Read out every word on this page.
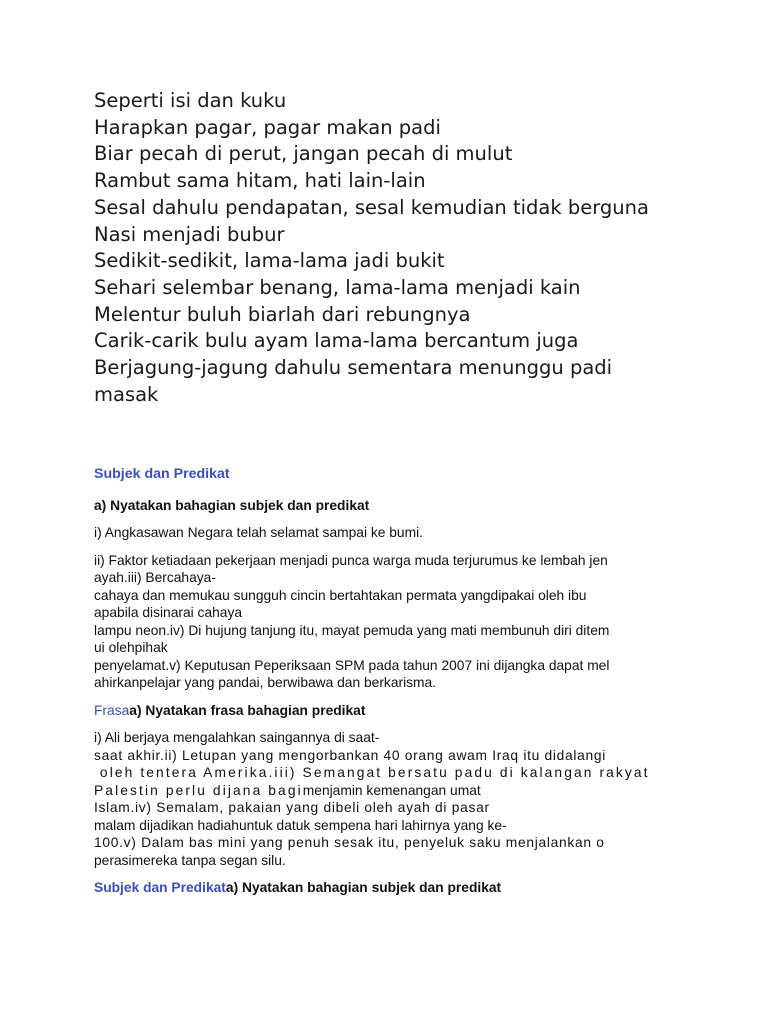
Seperti isi dan kuku
Harapkan pagar, pagar makan padi
Biar pecah di perut, jangan pecah di mulut
Rambut sama hitam, hati lain-lain
Sesal dahulu pendapatan, sesal kemudian tidak berguna
Nasi menjadi bubur
Sedikit-sedikit, lama-lama jadi bukit
Sehari selembar benang, lama-lama menjadi kain
Melentur buluh biarlah dari rebungnya
Carik-carik bulu ayam lama-lama bercantum juga
Berjagung-jagung dahulu sementara menunggu padi
masak
Subjek dan Predikat
a) Nyatakan bahagian subjek dan predikat
i) Angkasawan Negara telah selamat sampai ke bumi.
ii) Faktor ketiadaan pekerjaan menjadi punca warga muda terjurumus ke lembah jen
ayah.iii) Bercahaya-
cahaya dan memukau sungguh cincin bertahtakan permata yangdipakai oleh ibu
apabila disinarai cahaya
lampu neon.iv) Di hujung tanjung itu, mayat pemuda yang mati membunuh diri ditem
ui olehpihak
penyelamat.v) Keputusan Peperiksaan SPM pada tahun 2007 ini dijangka dapat mel
ahirkanpelajar yang pandai, berwibawa dan berkarisma.
Frasaa) Nyatakan frasa bahagian predikat
i) Ali berjaya mengalahkan saingannya di saat-
saat akhir.ii) Letupan yang mengorbankan 40 orang awam Iraq itu didalangi
oleh tentera Amerika.iii) Semangat bersatu padu di kalangan rakyat
Palestin perlu dijana bagimenjamin kemenangan umat
Islam.iv) Semalam, pakaian yang dibeli oleh ayah di pasar
malam dijadikan hadiahuntuk datuk sempena hari lahirnya yang ke-
100.v) Dalam bas mini yang penuh sesak itu, penyeluk saku menjalankan o
perasimereka tanpa segan silu.
Subjek dan Predikata) Nyatakan bahagian subjek dan predikat
